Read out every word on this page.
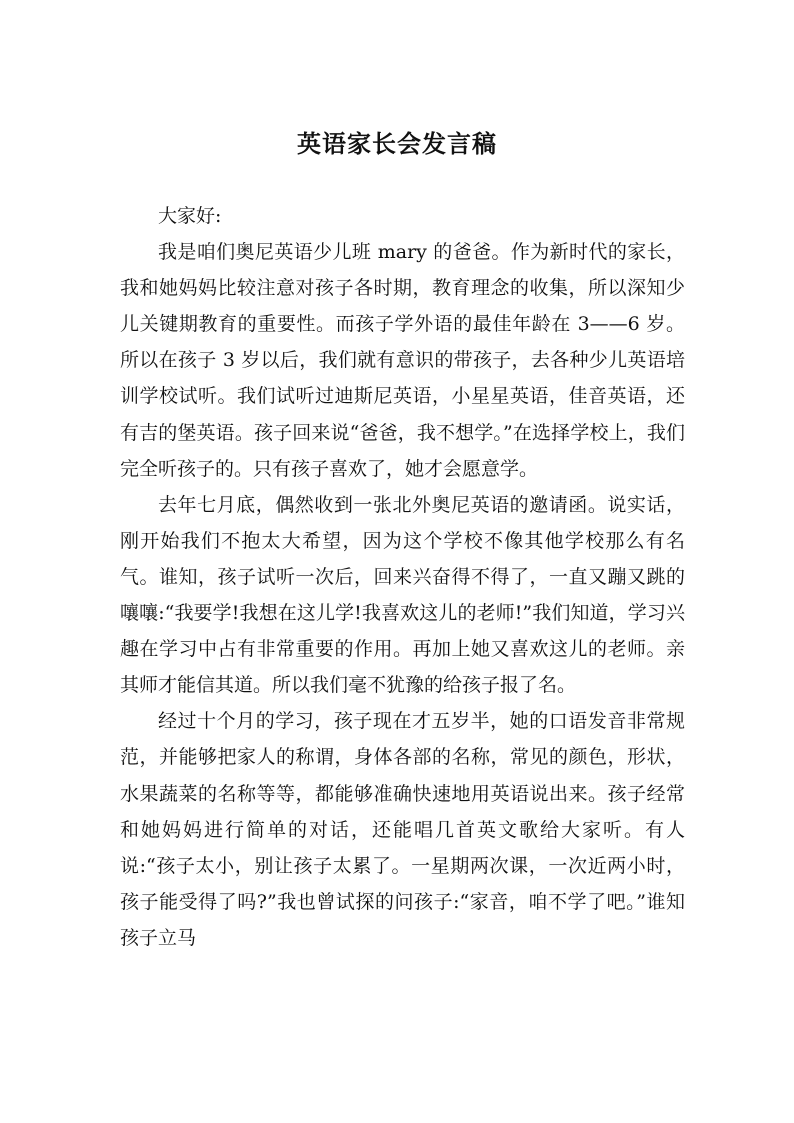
英语家长会发言稿

大家好:

我是咱们奥尼英语少儿班 mary 的爸爸。作为新时代的家长，我和她妈妈比较注意对孩子各时期，教育理念的收集，所以深知少儿关键期教育的重要性。而孩子学外语的最佳年龄在 3——6 岁。所以在孩子 3 岁以后，我们就有意识的带孩子，去各种少儿英语培训学校试听。我们试听过迪斯尼英语，小星星英语，佳音英语，还有吉的堡英语。孩子回来说“爸爸，我不想学。”在选择学校上，我们完全听孩子的。只有孩子喜欢了，她才会愿意学。

去年七月底，偶然收到一张北外奥尼英语的邀请函。说实话，刚开始我们不抱太大希望，因为这个学校不像其他学校那么有名气。谁知，孩子试听一次后，回来兴奋得不得了，一直又蹦又跳的嚷嚷:“我要学!我想在这儿学!我喜欢这儿的老师!”我们知道，学习兴趣在学习中占有非常重要的作用。再加上她又喜欢这儿的老师。亲其师才能信其道。所以我们毫不犹豫的给孩子报了名。

经过十个月的学习，孩子现在才五岁半，她的口语发音非常规范，并能够把家人的称谓，身体各部的名称，常见的颜色，形状，水果蔬菜的名称等等，都能够准确快速地用英语说出来。孩子经常和她妈妈进行简单的对话，还能唱几首英文歌给大家听。有人说:“孩子太小，别让孩子太累了。一星期两次课，一次近两小时，孩子能受得了吗?”我也曾试探的问孩子:“家音，咱不学了吧。”谁知孩子立马
